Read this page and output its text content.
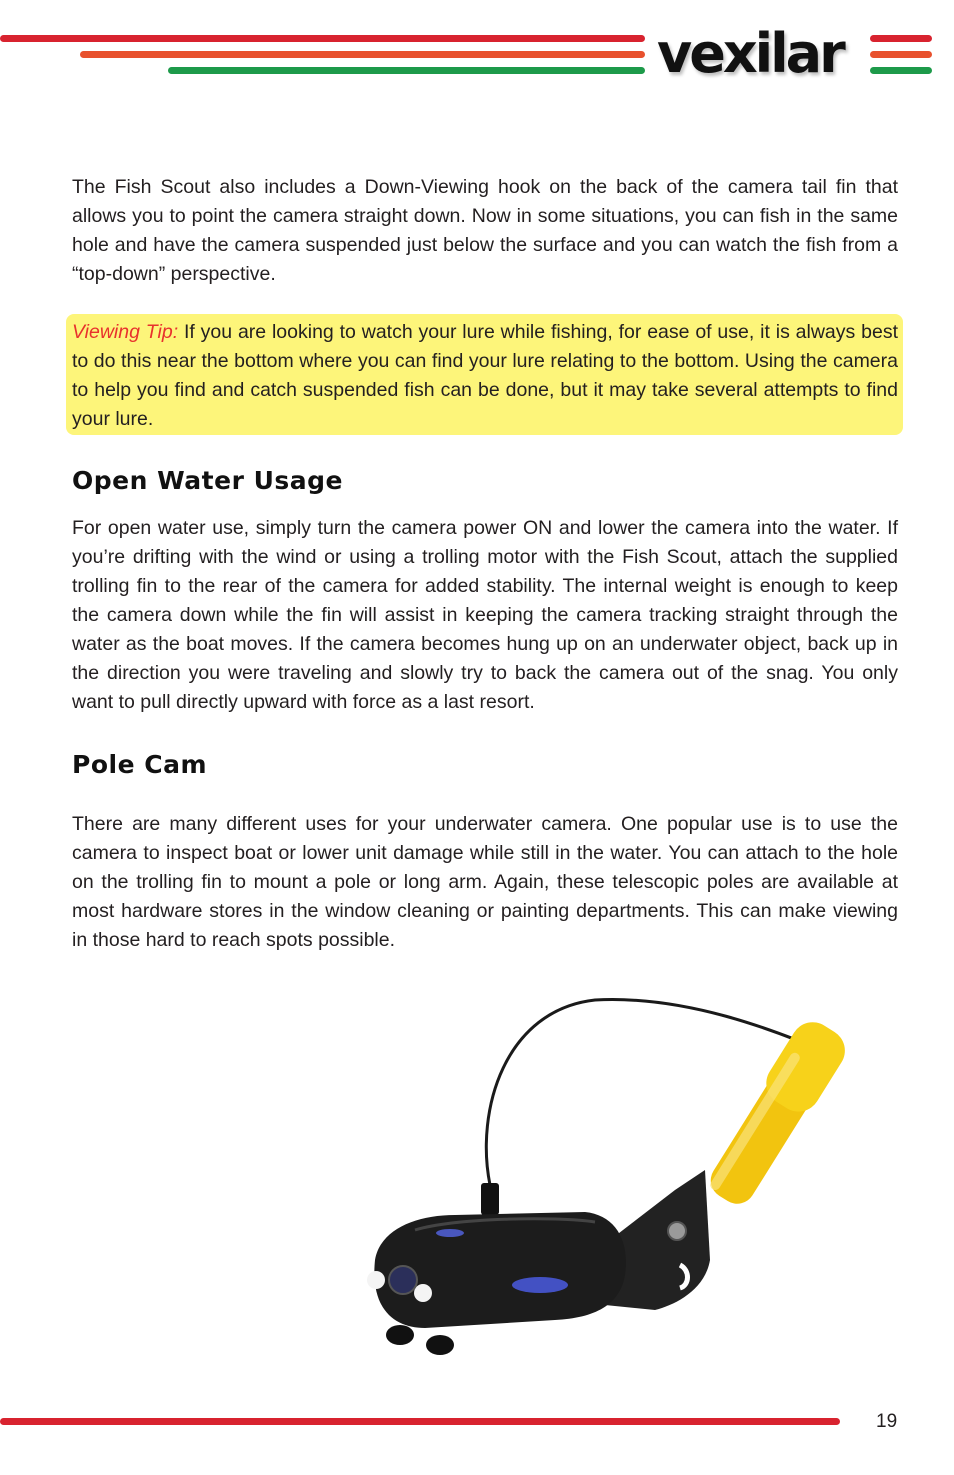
vexilar

The Fish Scout also includes a Down-Viewing hook on the back of the camera tail fin that allows you to point the camera straight down. Now in some situations, you can fish in the same hole and have the camera suspended just below the surface and you can watch the fish from a “top-down” perspective.

Viewing Tip: If you are looking to watch your lure while fishing, for ease of use, it is always best to do this near the bottom where you can find your lure relating to the bottom. Using the camera to help you find and catch suspended fish can be done, but it may take several attempts to find your lure.

Open Water Usage

For open water use, simply turn the camera power ON and lower the camera into the water. If you’re drifting with the wind or using a trolling motor with the Fish Scout, attach the supplied trolling fin to the rear of the camera for added stability. The internal weight is enough to keep the camera down while the fin will assist in keeping the camera tracking straight through the water as the boat moves. If the camera becomes hung up on an underwater object, back up in the direction you were traveling and slowly try to back the camera out of the snag. You only want to pull directly upward with force as a last resort.

Pole Cam

There are many different uses for your underwater camera. One popular use is to use the camera to inspect boat or lower unit damage while still in the water. You can attach to the hole on the trolling fin to mount a pole or long arm. Again, these telescopic poles are available at most hardware stores in the window cleaning or painting departments. This can make viewing in those hard to reach spots possible.

19
